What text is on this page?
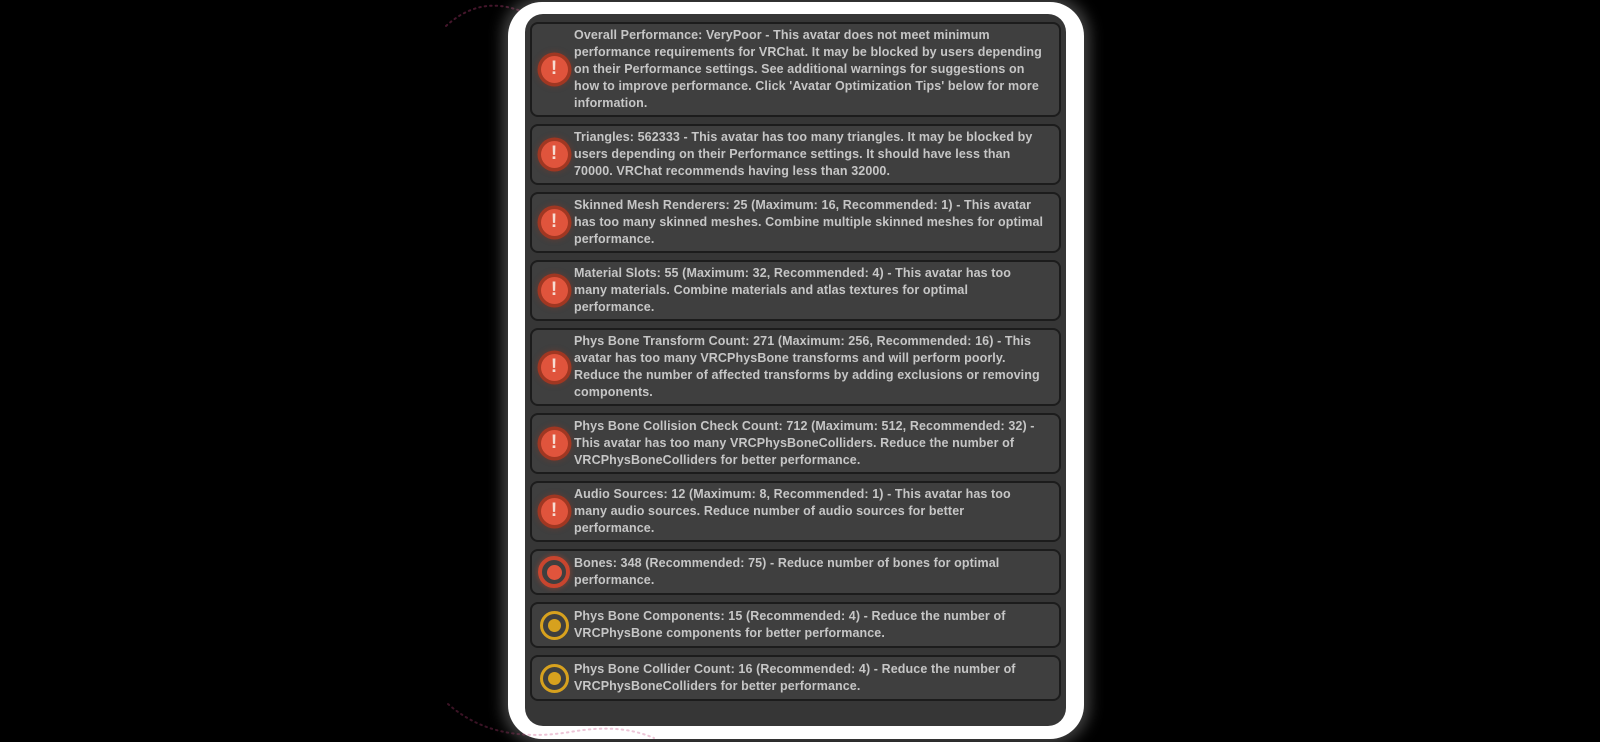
!
Overall Performance: VeryPoor - This avatar does not meet minimum performance requirements for VRChat. It may be blocked by users depending on their Performance settings. See additional warnings for suggestions on how to improve performance. Click 'Avatar Optimization Tips' below for more information.
!
Triangles: 562333 - This avatar has too many triangles. It may be blocked by users depending on their Performance settings. It should have less than 70000. VRChat recommends having less than 32000.
!
Skinned Mesh Renderers: 25 (Maximum: 16, Recommended: 1) - This avatar has too many skinned meshes. Combine multiple skinned meshes for optimal performance.
!
Material Slots: 55 (Maximum: 32, Recommended: 4) - This avatar has too many materials. Combine materials and atlas textures for optimal performance.
!
Phys Bone Transform Count: 271 (Maximum: 256, Recommended: 16) - This avatar has too many VRCPhysBone transforms and will perform poorly. Reduce the number of affected transforms by adding exclusions or removing components.
!
Phys Bone Collision Check Count: 712 (Maximum: 512, Recommended: 32) - This avatar has too many VRCPhysBoneColliders. Reduce the number of VRCPhysBoneColliders for better performance.
!
Audio Sources: 12 (Maximum: 8, Recommended: 1) - This avatar has too many audio sources. Reduce number of audio sources for better performance.
Bones: 348 (Recommended: 75) - Reduce number of bones for optimal performance.
Phys Bone Components: 15 (Recommended: 4) - Reduce the number of VRCPhysBone components for better performance.
Phys Bone Collider Count: 16 (Recommended: 4) - Reduce the number of VRCPhysBoneColliders for better performance.
